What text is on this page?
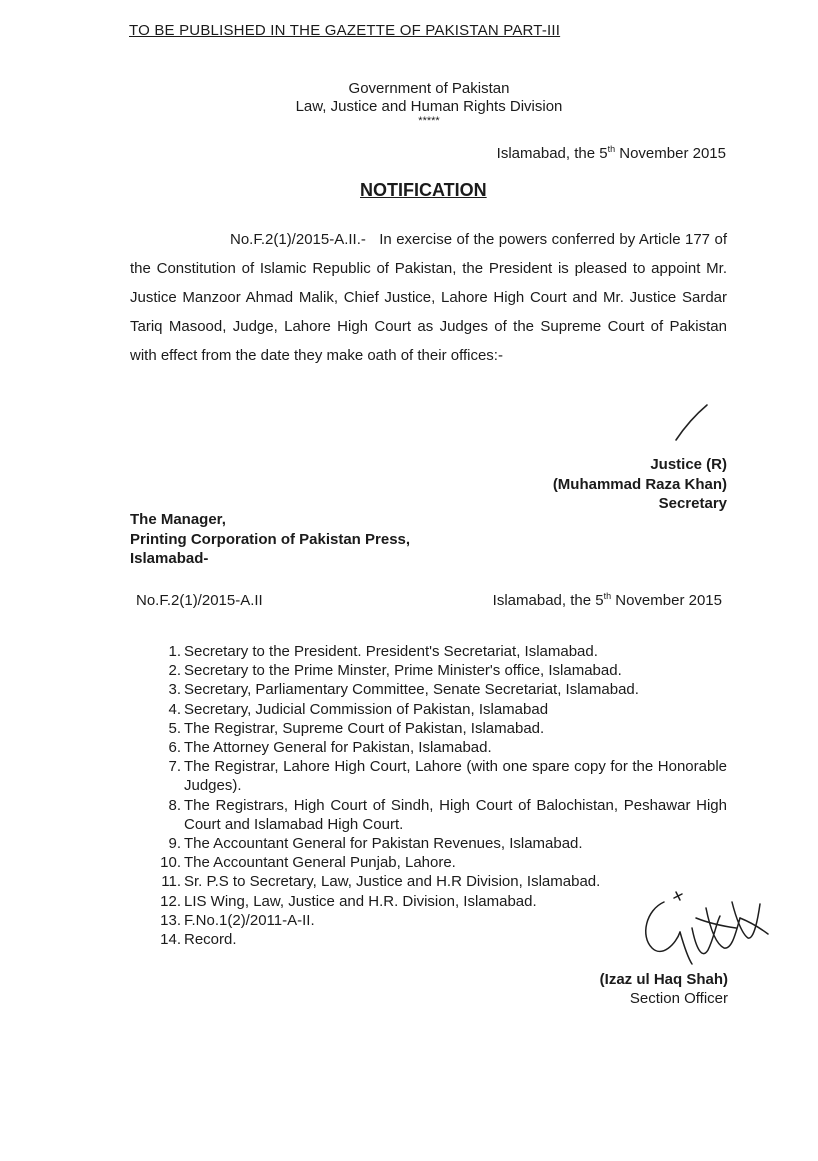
TO BE PUBLISHED IN THE GAZETTE OF PAKISTAN PART-III
Government of Pakistan
Law, Justice and Human Rights Division
*****
Islamabad, the 5th November 2015
NOTIFICATION
No.F.2(1)/2015-A.II.- In exercise of the powers conferred by Article 177 of the Constitution of Islamic Republic of Pakistan, the President is pleased to appoint Mr. Justice Manzoor Ahmad Malik, Chief Justice, Lahore High Court and Mr. Justice Sardar Tariq Masood, Judge, Lahore High Court as Judges of the Supreme Court of Pakistan with effect from the date they make oath of their offices:-
Justice (R)
(Muhammad Raza Khan)
Secretary
The Manager,
Printing Corporation of Pakistan Press,
Islamabad-
No.F.2(1)/2015-A.II	Islamabad, the 5th November 2015
1. Secretary to the President. President's Secretariat, Islamabad.
2. Secretary to the Prime Minster, Prime Minister's office, Islamabad.
3. Secretary, Parliamentary Committee, Senate Secretariat, Islamabad.
4. Secretary, Judicial Commission of Pakistan, Islamabad
5. The Registrar, Supreme Court of Pakistan, Islamabad.
6. The Attorney General for Pakistan, Islamabad.
7. The Registrar, Lahore High Court, Lahore (with one spare copy for the Honorable Judges).
8. The Registrars, High Court of Sindh, High Court of Balochistan, Peshawar High Court and Islamabad High Court.
9. The Accountant General for Pakistan Revenues, Islamabad.
10. The Accountant General Punjab, Lahore.
11. Sr. P.S to Secretary, Law, Justice and H.R Division, Islamabad.
12. LIS Wing, Law, Justice and H.R. Division, Islamabad.
13. F.No.1(2)/2011-A-II.
14. Record.
(Izaz ul Haq Shah)
Section Officer
